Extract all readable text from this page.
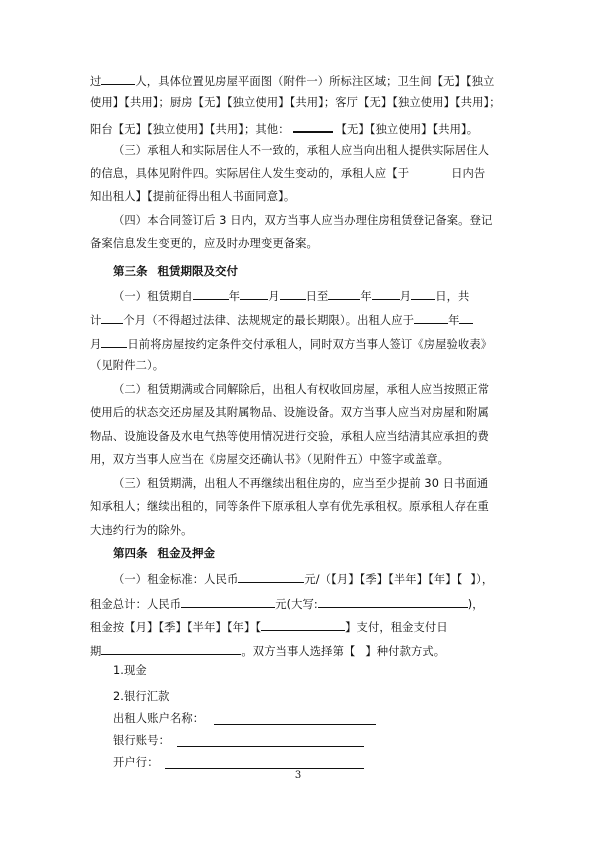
过	人，具体位置见房屋平面图（附件一）所标注区域；卫生间【无】【独立
使用】【共用】；厨房【无】【独立使用】【共用】；客厅【无】【独立使用】【共用】；
阳台【无】【独立使用】【共用】；其他：	【无】【独立使用】【共用】。
（三）承租人和实际居住人不一致的，承租人应当向出租人提供实际居住人
的信息，具体见附件四。实际居住人发生变动的，承租人应【于	日内告
知出租人】【提前征得出租人书面同意】。
（四）本合同签订后 3 日内，双方当事人应当办理住房租赁登记备案。登记
备案信息发生变更的，应及时办理变更备案。
第三条 租赁期限及交付
（一）租赁期自	年 月 日至	年 月 日，共
计 个月（不得超过法律、法规规定的最长期限）。出租人应于	年
月 日前将房屋按约定条件交付承租人，同时双方当事人签订《房屋验收表》
（见附件二）。
（二）租赁期满或合同解除后，出租人有权收回房屋，承租人应当按照正常
使用后的状态交还房屋及其附属物品、设施设备。双方当事人应当对房屋和附属
物品、设施设备及水电气热等使用情况进行交验，承租人应当结清其应承担的费
用，双方当事人应当在《房屋交还确认书》（见附件五）中签字或盖章。
（三）租赁期满，出租人不再继续出租住房的，应当至少提前 30 日书面通
知承租人；继续出租的，同等条件下原承租人享有优先承租权。原承租人存在重
大违约行为的除外。
第四条 租金及押金
（一）租金标准：人民币	元/（【月】【季】【半年】【年】【 】），
租金总计：人民币	元(大写:	)，
租金按【月】【季】【半年】【年】【	】支付，租金支付日
期	。双方当事人选择第【 】种付款方式。
3
1.现金
2.银行汇款
出租人账户名称：
银行账号：
开户行：
